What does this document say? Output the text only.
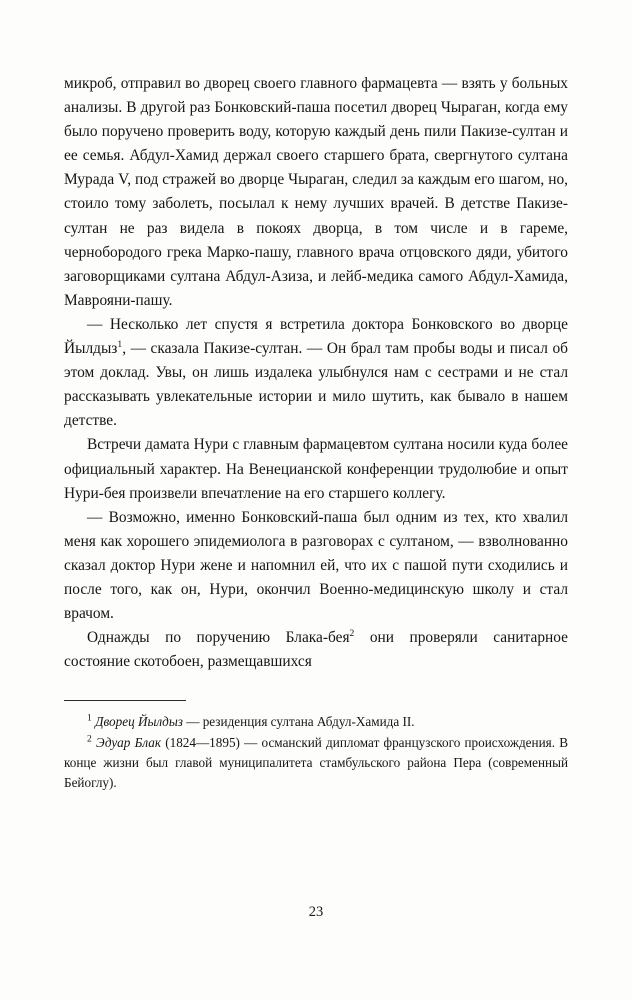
микроб, отправил во дворец своего главного фармацевта — взять у больных анализы. В другой раз Бонковский-паша посетил дворец Чыраган, когда ему было поручено проверить воду, которую каждый день пили Пакизе-султан и ее семья. Абдул-Хамид держал своего старшего брата, свергнутого султана Мурада V, под стражей во дворце Чыраган, следил за каждым его шагом, но, стоило тому заболеть, посылал к нему лучших врачей. В детстве Пакизе-султан не раз видела в покоях дворца, в том числе и в гареме, чернобородого грека Марко-пашу, главного врача отцовского дяди, убитого заговорщиками султана Абдул-Азиза, и лейб-медика самого Абдул-Хамида, Маврояни-пашу.

— Несколько лет спустя я встретила доктора Бонковского во дворце Йылдыз$^1$, — сказала Пакизе-султан. — Он брал там пробы воды и писал об этом доклад. Увы, он лишь издалека улыбнулся нам с сестрами и не стал рассказывать увлекательные истории и мило шутить, как бывало в нашем детстве.

Встречи дамата Нури с главным фармацевтом султана носили куда более официальный характер. На Венецианской конференции трудолюбие и опыт Нури-бея произвели впечатление на его старшего коллегу.

— Возможно, именно Бонковский-паша был одним из тех, кто хвалил меня как хорошего эпидемиолога в разговорах с султаном, — взволнованно сказал доктор Нури жене и напомнил ей, что их с пашой пути сходились и после того, как он, Нури, окончил Военно-медицинскую школу и стал врачом.

Однажды по поручению Блака-бея$^2$ они проверяли санитарное состояние скотобоен, размещавшихся

$^1$ Дворец Йылдыз — резиденция султана Абдул-Хамида II.

$^2$ Эдуар Блак (1824—1895) — османский дипломат французского происхождения. В конце жизни был главой муниципалитета стамбульского района Пера (современный Бейоглу).

23
